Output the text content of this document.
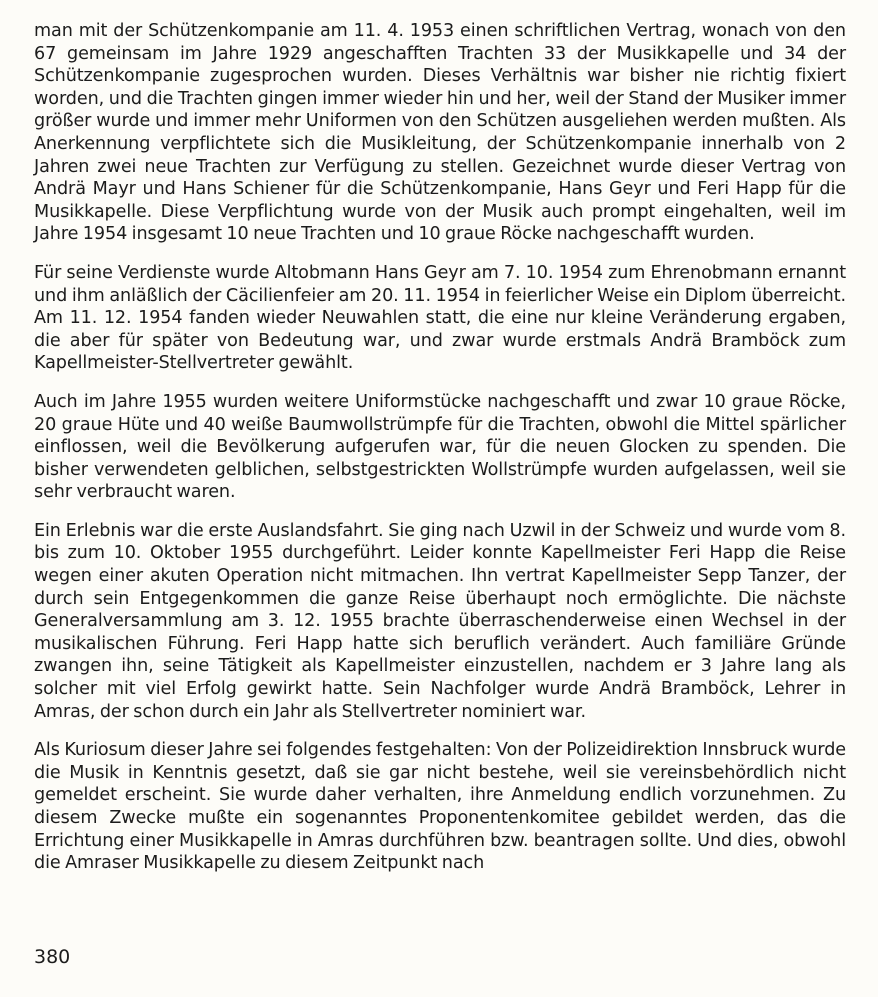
man mit der Schützenkompanie am 11. 4. 1953 einen schriftlichen Vertrag, wonach von den 67 gemeinsam im Jahre 1929 angeschafften Trachten 33 der Musikkapelle und 34 der Schützenkompanie zugesprochen wurden. Dieses Verhältnis war bisher nie richtig fixiert worden, und die Trachten gingen immer wieder hin und her, weil der Stand der Musiker immer größer wurde und immer mehr Uniformen von den Schützen ausgeliehen werden mußten. Als Anerkennung verpflichtete sich die Musikleitung, der Schützenkompanie innerhalb von 2 Jahren zwei neue Trachten zur Verfügung zu stellen. Gezeichnet wurde dieser Vertrag von Andrä Mayr und Hans Schiener für die Schützenkompanie, Hans Geyr und Feri Happ für die Musikkapelle. Diese Verpflichtung wurde von der Musik auch prompt eingehalten, weil im Jahre 1954 insgesamt 10 neue Trachten und 10 graue Röcke nachgeschafft wurden.

Für seine Verdienste wurde Altobmann Hans Geyr am 7. 10. 1954 zum Ehrenobmann ernannt und ihm anläßlich der Cäcilienfeier am 20. 11. 1954 in feierlicher Weise ein Diplom überreicht. Am 11. 12. 1954 fanden wieder Neuwahlen statt, die eine nur kleine Veränderung ergaben, die aber für später von Bedeutung war, und zwar wurde erstmals Andrä Bramböck zum Kapellmeister-Stellvertreter gewählt.

Auch im Jahre 1955 wurden weitere Uniformstücke nachgeschafft und zwar 10 graue Röcke, 20 graue Hüte und 40 weiße Baumwollstrümpfe für die Trachten, obwohl die Mittel spärlicher einflossen, weil die Bevölkerung aufgerufen war, für die neuen Glocken zu spenden. Die bisher verwendeten gelblichen, selbstgestrickten Wollstrümpfe wurden aufgelassen, weil sie sehr verbraucht waren.

Ein Erlebnis war die erste Auslandsfahrt. Sie ging nach Uzwil in der Schweiz und wurde vom 8. bis zum 10. Oktober 1955 durchgeführt. Leider konnte Kapellmeister Feri Happ die Reise wegen einer akuten Operation nicht mitmachen. Ihn vertrat Kapellmeister Sepp Tanzer, der durch sein Entgegenkommen die ganze Reise überhaupt noch ermöglichte. Die nächste Generalversammlung am 3. 12. 1955 brachte überraschenderweise einen Wechsel in der musikalischen Führung. Feri Happ hatte sich beruflich verändert. Auch familiäre Gründe zwangen ihn, seine Tätigkeit als Kapellmeister einzustellen, nachdem er 3 Jahre lang als solcher mit viel Erfolg gewirkt hatte. Sein Nachfolger wurde Andrä Bramböck, Lehrer in Amras, der schon durch ein Jahr als Stellvertreter nominiert war.

Als Kuriosum dieser Jahre sei folgendes festgehalten: Von der Polizeidirektion Innsbruck wurde die Musik in Kenntnis gesetzt, daß sie gar nicht bestehe, weil sie vereinsbehördlich nicht gemeldet erscheint. Sie wurde daher verhalten, ihre Anmeldung endlich vorzunehmen. Zu diesem Zwecke mußte ein sogenanntes Proponentenkomitee gebildet werden, das die Errichtung einer Musikkapelle in Amras durchführen bzw. beantragen sollte. Und dies, obwohl die Amraser Musikkapelle zu diesem Zeitpunkt nach

380
